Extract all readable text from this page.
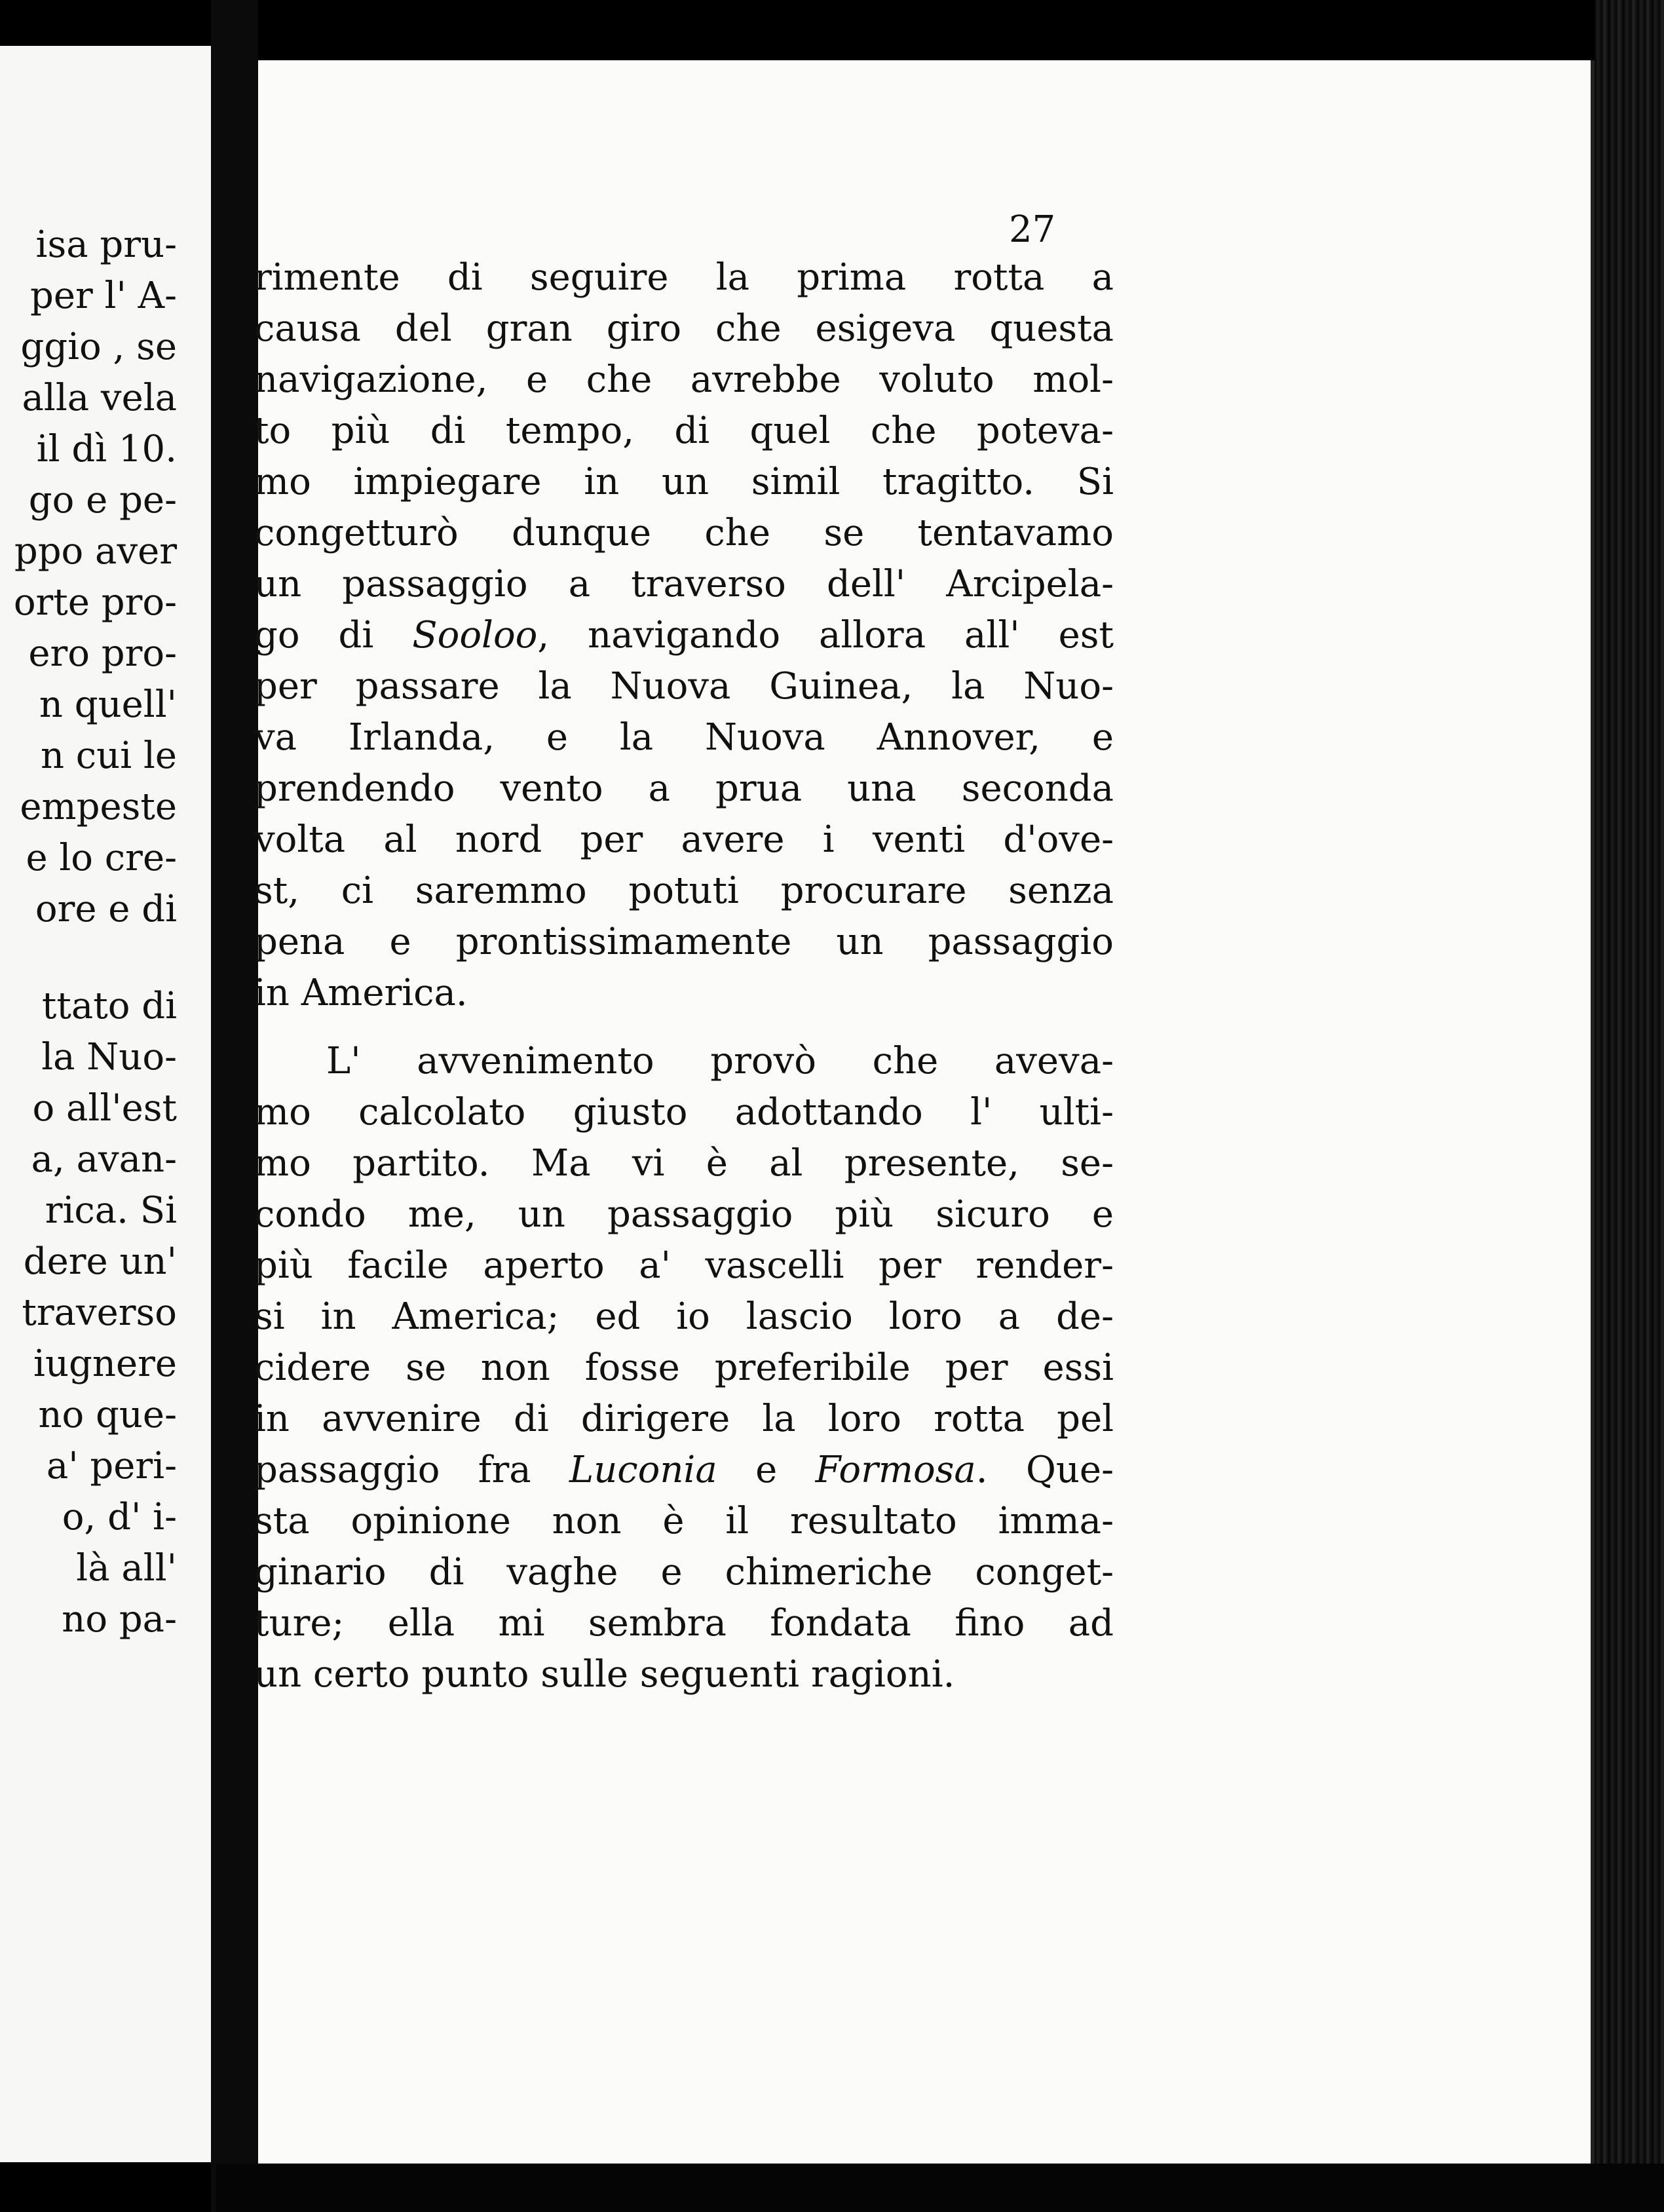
isa pru-
per l' A-
ggio , se
alla vela
il dì 10.
go e pe-
ppo aver
orte pro-
ero pro-
n quell'
n cui le
empeste
e lo cre-
ore e di
ttato di
la Nuo-
o all'est
a, avan-
rica. Si
dere un'
traverso
iugnere
no que-
a' peri-
o, d' i-
là all'
no pa-
27
rimente di seguire la prima rotta a
causa del gran giro che esigeva questa
navigazione, e che avrebbe voluto mol-
to più di tempo, di quel che poteva-
mo impiegare in un simil tragitto. Si
congetturò dunque che se tentavamo
un passaggio a traverso dell' Arcipela-
go di Sooloo, navigando allora all' est
per passare la Nuova Guinea, la Nuo-
va Irlanda, e la Nuova Annover, e
prendendo vento a prua una seconda
volta al nord per avere i venti d'ove-
st, ci saremmo potuti procurare senza
pena e prontissimamente un passaggio
in America.
L' avvenimento provò che aveva-
mo calcolato giusto adottando l' ulti-
mo partito. Ma vi è al presente, se-
condo me, un passaggio più sicuro e
più facile aperto a' vascelli per render-
si in America; ed io lascio loro a de-
cidere se non fosse preferibile per essi
in avvenire di dirigere la loro rotta pel
passaggio fra Luconia e Formosa. Que-
sta opinione non è il resultato imma-
ginario di vaghe e chimeriche conget-
ture; ella mi sembra fondata fino ad
un certo punto sulle seguenti ragioni.
